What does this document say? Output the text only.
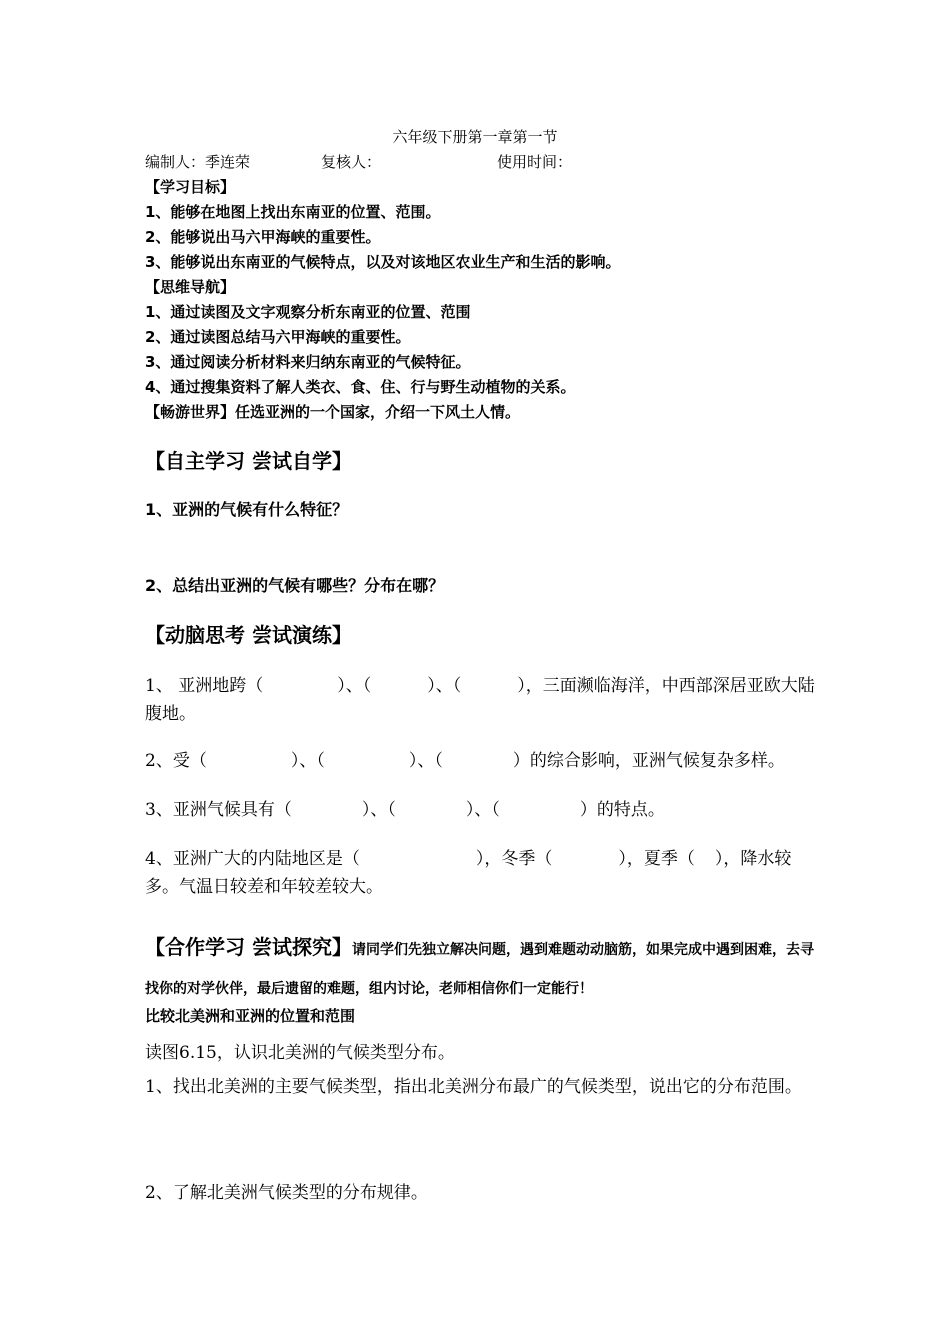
六年级下册第一章第一节
编制人：季连荣	复核人：	使用时间：
【学习目标】
1、能够在地图上找出东南亚的位置、范围。
2、能够说出马六甲海峡的重要性。
3、能够说出东南亚的气候特点，以及对该地区农业生产和生活的影响。
【思维导航】
1、通过读图及文字观察分析东南亚的位置、范围
2、通过读图总结马六甲海峡的重要性。
3、通过阅读分析材料来归纳东南亚的气候特征。
4、通过搜集资料了解人类衣、食、住、行与野生动植物的关系。
【畅游世界】任选亚洲的一个国家，介绍一下风土人情。
【自主学习 尝试自学】
1、亚洲的气候有什么特征？
2、总结出亚洲的气候有哪些？分布在哪？
【动脑思考 尝试演练】
1、 亚洲地跨（	）、（	）、（	），三面濒临海洋，中西部深居亚欧大陆腹地。
2、受（	）、（	）、（	）的综合影响，亚洲气候复杂多样。
3、亚洲气候具有（	）、（	）、（	）的特点。
4、亚洲广大的内陆地区是（	），冬季（	），夏季（ ），降水较多。气温日较差和年较差较大。
【合作学习 尝试探究】请同学们先独立解决问题，遇到难题动动脑筋，如果完成中遇到困难，去寻找你的对学伙伴，最后遗留的难题，组内讨论，老师相信你们一定能行！
比较北美洲和亚洲的位置和范围
读图6.15，认识北美洲的气候类型分布。
1、找出北美洲的主要气候类型，指出北美洲分布最广的气候类型，说出它的分布范围。
2、了解北美洲气候类型的分布规律。
